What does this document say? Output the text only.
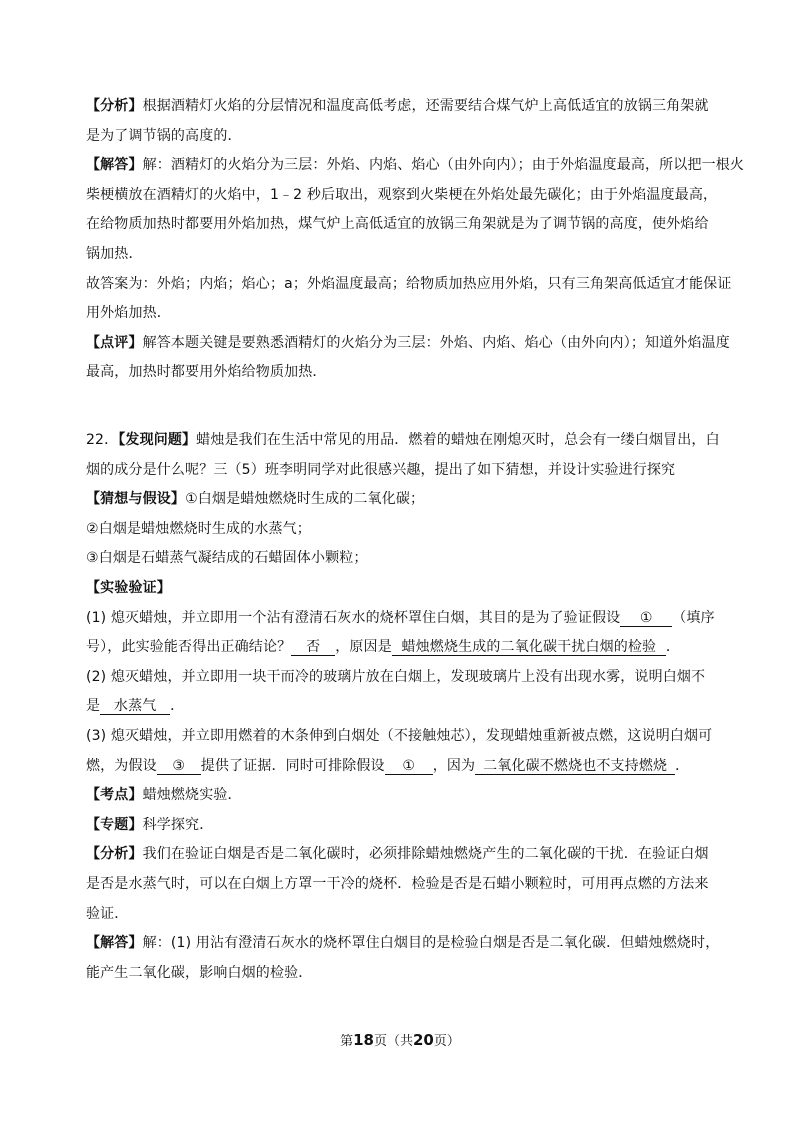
【分析】根据酒精灯火焰的分层情况和温度高低考虑，还需要结合煤气炉上高低适宜的放锅三角架就

是为了调节锅的高度的．

【解答】解：酒精灯的火焰分为三层：外焰、内焰、焰心（由外向内）；由于外焰温度最高，所以把一根火

柴梗横放在酒精灯的火焰中，1﹣2 秒后取出，观察到火柴梗在外焰处最先碳化；由于外焰温度最高，

在给物质加热时都要用外焰加热，煤气炉上高低适宜的放锅三角架就是为了调节锅的高度，使外焰给

锅加热．

故答案为：外焰；内焰；焰心；a；外焰温度最高；给物质加热应用外焰，只有三角架高低适宜才能保证

用外焰加热．

【点评】解答本题关键是要熟悉酒精灯的火焰分为三层：外焰、内焰、焰心（由外向内）；知道外焰温度

最高，加热时都要用外焰给物质加热．

22．【发现问题】蜡烛是我们在生活中常见的用品．燃着的蜡烛在刚熄灭时，总会有一缕白烟冒出，白

烟的成分是什么呢？三（5）班李明同学对此很感兴趣，提出了如下猜想，并设计实验进行探究

【猜想与假设】①白烟是蜡烛燃烧时生成的二氧化碳；

②白烟是蜡烛燃烧时生成的水蒸气；

③白烟是石蜡蒸气凝结成的石蜡固体小颗粒；

【实验验证】

(1) 熄灭蜡烛，并立即用一个沾有澄清石灰水的烧杯罩住白烟，其目的是为了验证假设 ① （填序

号），此实验能否得出正确结论？ 否 ，原因是 蜡烛燃烧生成的二氧化碳干扰白烟的检验 ．

(2) 熄灭蜡烛，并立即用一块干而冷的玻璃片放在白烟上，发现玻璃片上没有出现水雾，说明白烟不

是 水蒸气 ．

(3) 熄灭蜡烛，并立即用燃着的木条伸到白烟处（不接触烛芯），发现蜡烛重新被点燃，这说明白烟可

燃，为假设 ③ 提供了证据．同时可排除假设 ① ，因为 二氧化碳不燃烧也不支持燃烧 ．

【考点】蜡烛燃烧实验．

【专题】科学探究．

【分析】我们在验证白烟是否是二氧化碳时，必须排除蜡烛燃烧产生的二氧化碳的干扰．在验证白烟

是否是水蒸气时，可以在白烟上方罩一干冷的烧杯．检验是否是石蜡小颗粒时，可用再点燃的方法来

验证．

【解答】解：(1) 用沾有澄清石灰水的烧杯罩住白烟目的是检验白烟是否是二氧化碳．但蜡烛燃烧时，

能产生二氧化碳，影响白烟的检验．

第18页（共20页）
